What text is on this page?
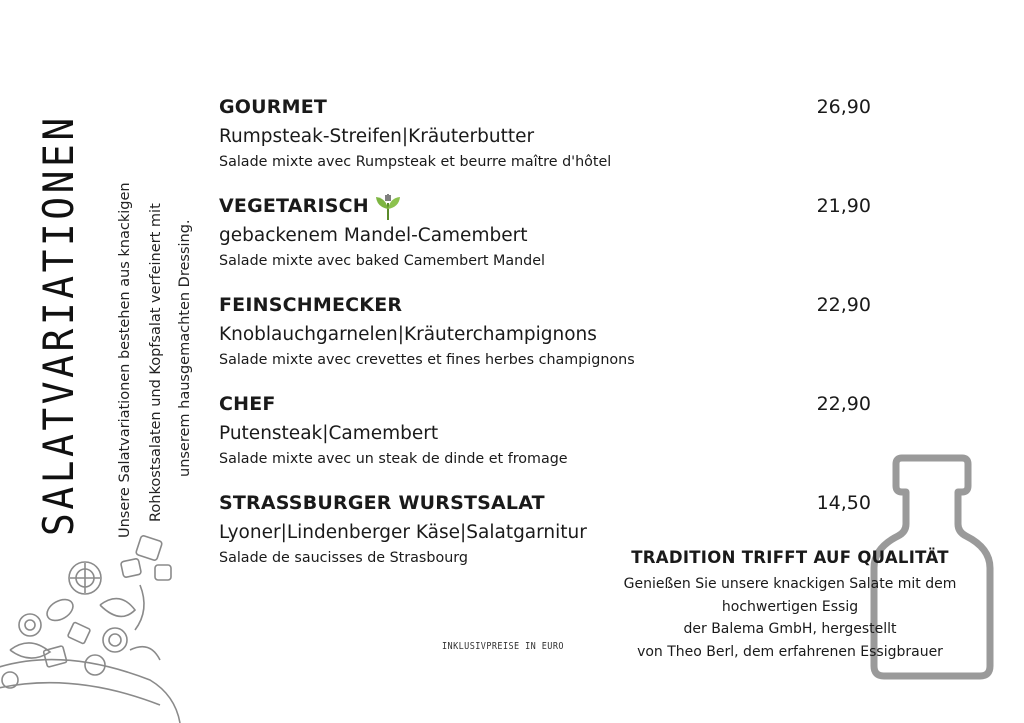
SALATVARIATIONEN Unsere Salatvariationen bestehen aus knackigen Rohkostsalaten und Kopfsalat verfeinert mit unserem hausgemachten Dressing.
GOURMET	26,90
Rumpsteak-Streifen|Kräuterbutter
Salade mixte avec Rumpsteak et beurre maître d'hôtel
VEGETARISCH	21,90
gebackenem Mandel-Camembert
Salade mixte avec baked Camembert Mandel
FEINSCHMECKER	22,90
Knoblauchgarnelen|Kräuterchampignons
Salade mixte avec crevettes et fines herbes champignons
CHEF	22,90
Putensteak|Camembert
Salade mixte avec un steak de dinde et fromage
STRASSBURGER WURSTSALAT	14,50
Lyoner|Lindenberger Käse|Salatgarnitur
Salade de saucisses de Strasbourg	TRADITION TRIFFT AUF QUALITÄT
Genießen Sie unsere knackigen Salate mit dem
hochwertigen Essig
der Balema GmbH, hergestellt
von Theo Berl, dem erfahrenen Essigbrauer
INKLUSIVPREISE IN EURO
